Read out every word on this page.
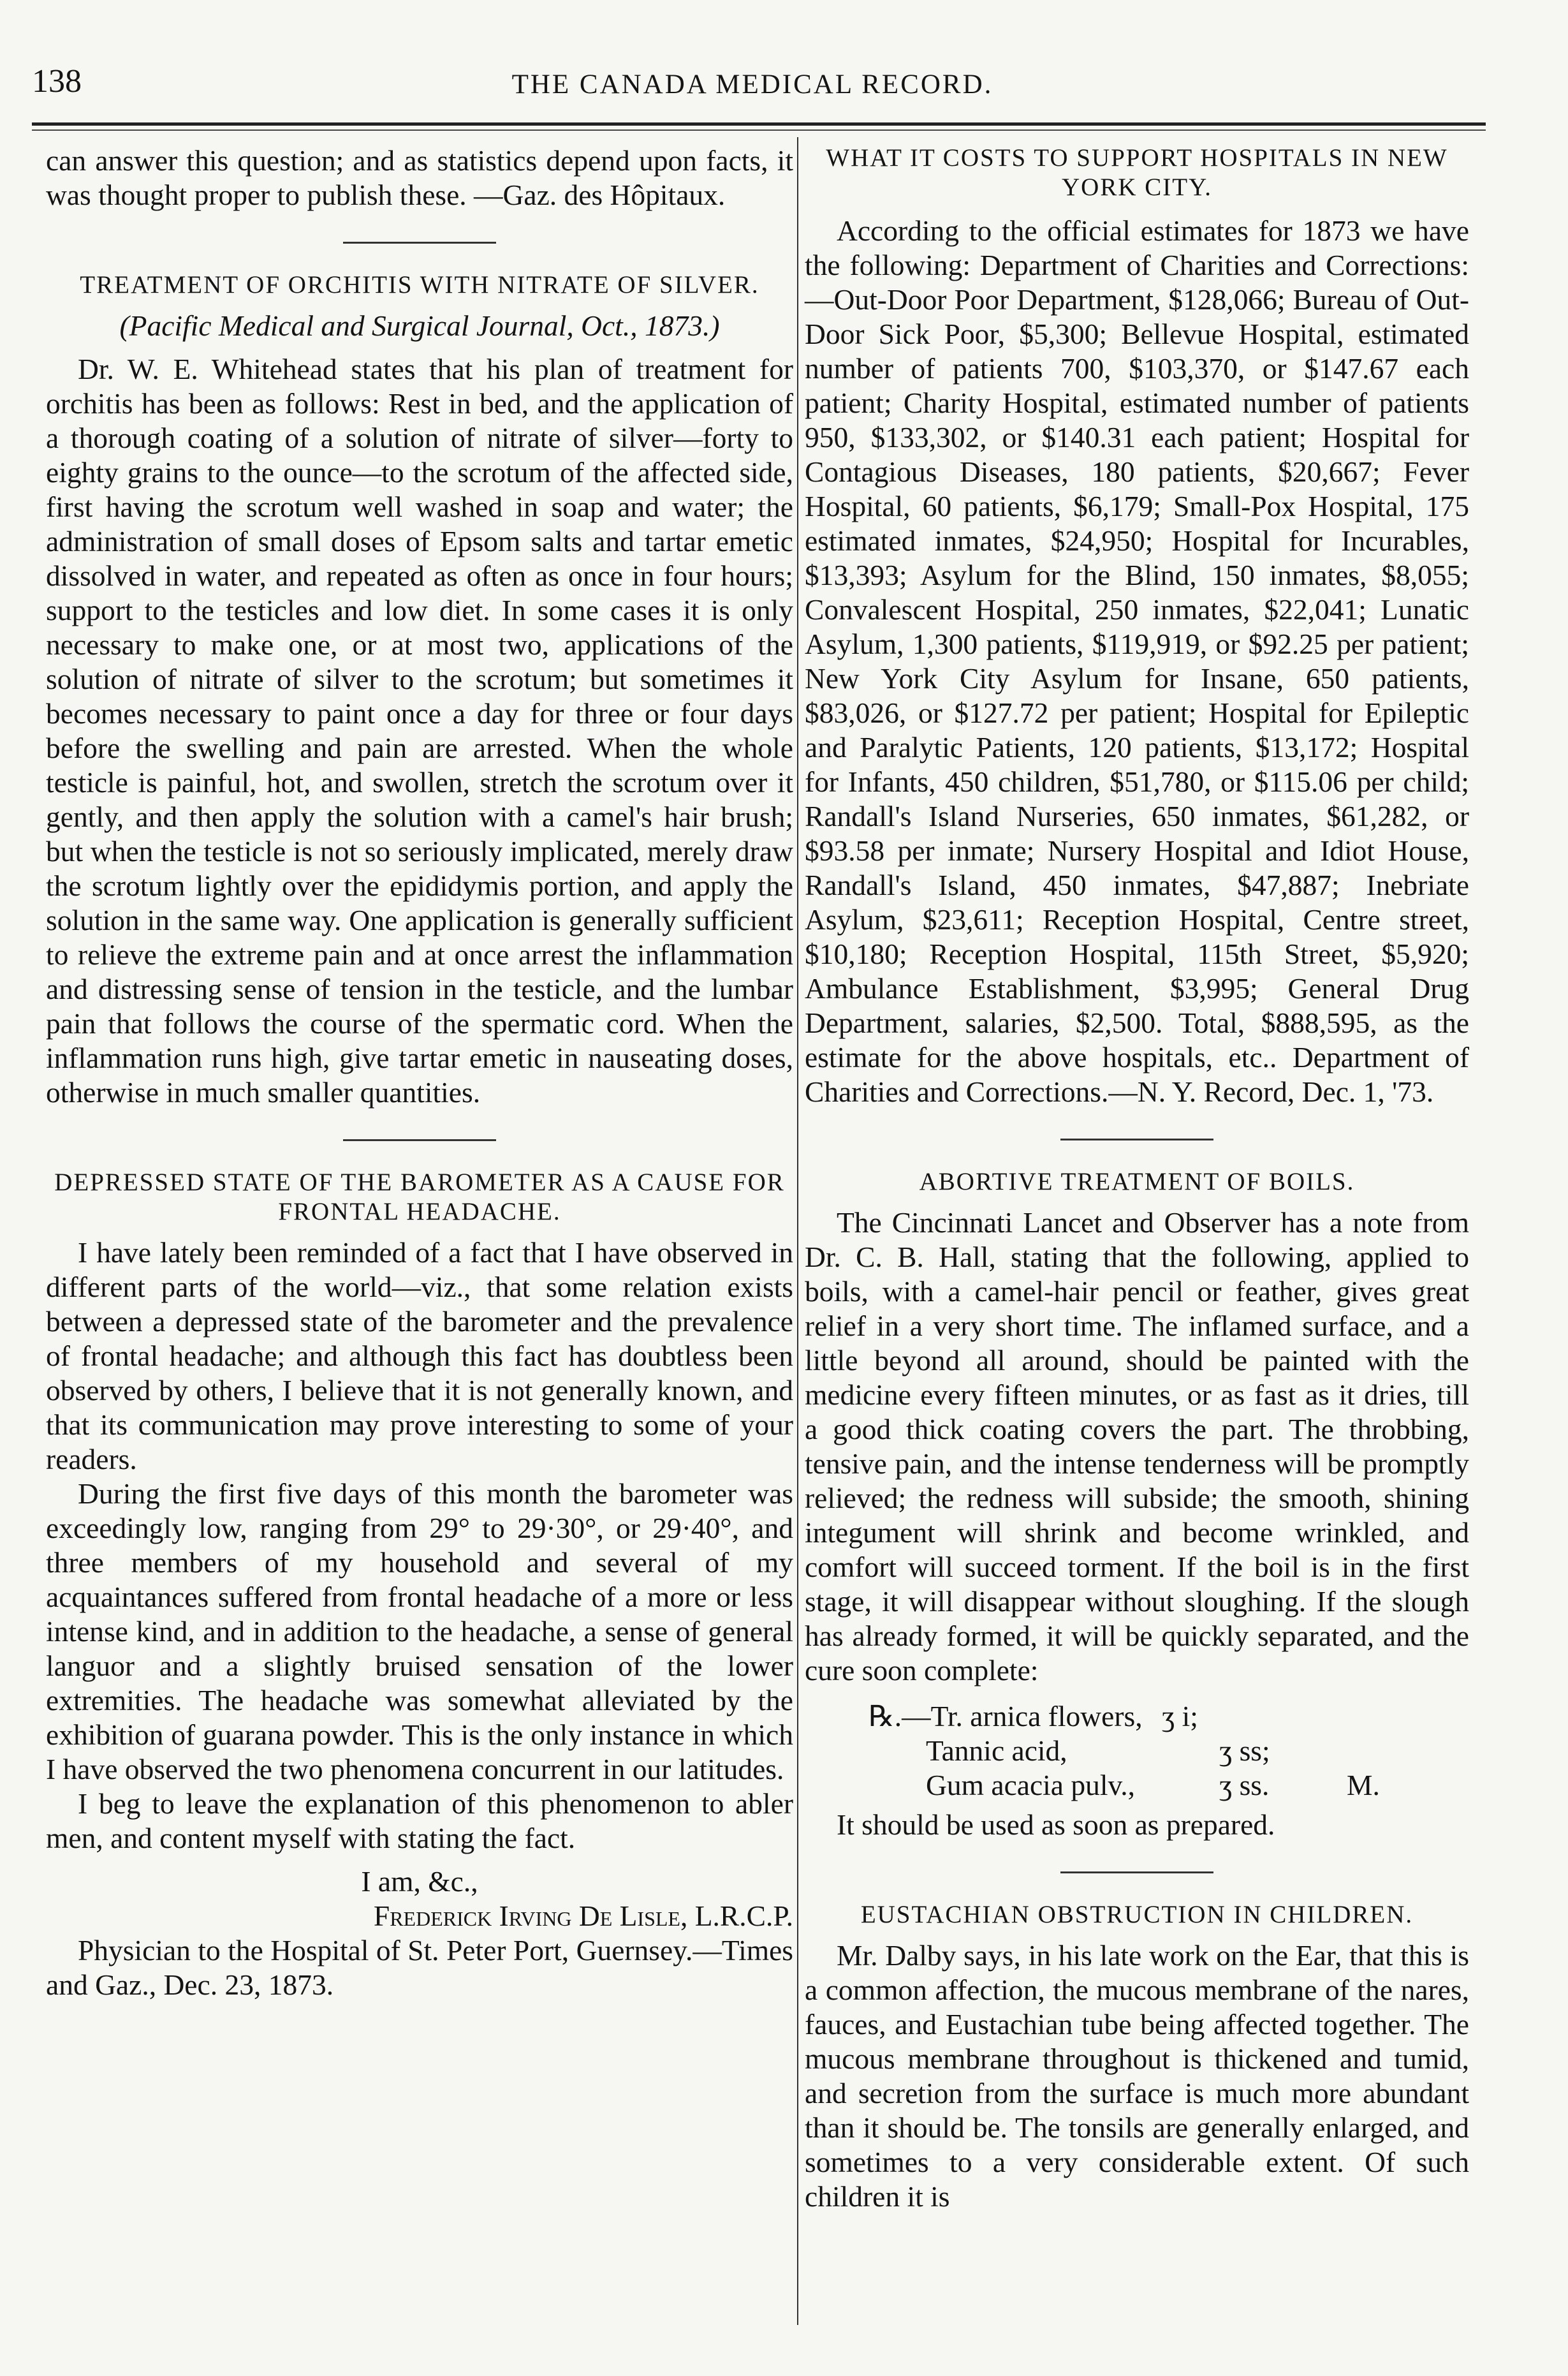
138	THE CANADA MEDICAL RECORD.

can answer this question; and as statistics depend upon facts, it was thought proper to publish these. —Gaz. des Hôpitaux.

TREATMENT OF ORCHITIS WITH NITRATE OF SILVER.

(Pacific Medical and Surgical Journal, Oct., 1873.)

Dr. W. E. Whitehead states that his plan of treatment for orchitis has been as follows: Rest in bed, and the application of a thorough coating of a solution of nitrate of silver—forty to eighty grains to the ounce—to the scrotum of the affected side, first having the scrotum well washed in soap and water; the administration of small doses of Epsom salts and tartar emetic dissolved in water, and repeated as often as once in four hours; support to the testicles and low diet. In some cases it is only necessary to make one, or at most two, applications of the solution of nitrate of silver to the scrotum; but sometimes it becomes necessary to paint once a day for three or four days before the swelling and pain are arrested. When the whole testicle is painful, hot, and swollen, stretch the scrotum over it gently, and then apply the solution with a camel's hair brush; but when the testicle is not so seriously implicated, merely draw the scrotum lightly over the epididymis portion, and apply the solution in the same way. One application is generally sufficient to relieve the extreme pain and at once arrest the inflammation and distressing sense of tension in the testicle, and the lumbar pain that follows the course of the spermatic cord. When the inflammation runs high, give tartar emetic in nauseating doses, otherwise in much smaller quantities.

DEPRESSED STATE OF THE BAROMETER AS A CAUSE FOR FRONTAL HEADACHE.

I have lately been reminded of a fact that I have observed in different parts of the world—viz., that some relation exists between a depressed state of the barometer and the prevalence of frontal headache; and although this fact has doubtless been observed by others, I believe that it is not generally known, and that its communication may prove interesting to some of your readers.

During the first five days of this month the barometer was exceedingly low, ranging from 29° to 29·30°, or 29·40°, and three members of my household and several of my acquaintances suffered from frontal headache of a more or less intense kind, and in addition to the headache, a sense of general languor and a slightly bruised sensation of the lower extremities. The headache was somewhat alleviated by the exhibition of guarana powder. This is the only instance in which I have observed the two phenomena concurrent in our latitudes.

I beg to leave the explanation of this phenomenon to abler men, and content myself with stating the fact.

I am, &c.,

Frederick Irving De Lisle, L.R.C.P.

Physician to the Hospital of St. Peter Port, Guernsey.—Times and Gaz., Dec. 23, 1873.

WHAT IT COSTS TO SUPPORT HOSPITALS IN NEW YORK CITY.

According to the official estimates for 1873 we have the following: Department of Charities and Corrections:—Out-Door Poor Department, $128,066; Bureau of Out-Door Sick Poor, $5,300; Bellevue Hospital, estimated number of patients 700, $103,370, or $147.67 each patient; Charity Hospital, estimated number of patients 950, $133,302, or $140.31 each patient; Hospital for Contagious Diseases, 180 patients, $20,667; Fever Hospital, 60 patients, $6,179; Small-Pox Hospital, 175 estimated inmates, $24,950; Hospital for Incurables, $13,393; Asylum for the Blind, 150 inmates, $8,055; Convalescent Hospital, 250 inmates, $22,041; Lunatic Asylum, 1,300 patients, $119,919, or $92.25 per patient; New York City Asylum for Insane, 650 patients, $83,026, or $127.72 per patient; Hospital for Epileptic and Paralytic Patients, 120 patients, $13,172; Hospital for Infants, 450 children, $51,780, or $115.06 per child; Randall's Island Nurseries, 650 inmates, $61,282, or $93.58 per inmate; Nursery Hospital and Idiot House, Randall's Island, 450 inmates, $47,887; Inebriate Asylum, $23,611; Reception Hospital, Centre street, $10,180; Reception Hospital, 115th Street, $5,920; Ambulance Establishment, $3,995; General Drug Department, salaries, $2,500. Total, $888,595, as the estimate for the above hospitals, etc.. Department of Charities and Corrections.—N. Y. Record, Dec. 1, '73.

ABORTIVE TREATMENT OF BOILS.

The Cincinnati Lancet and Observer has a note from Dr. C. B. Hall, stating that the following, applied to boils, with a camel-hair pencil or feather, gives great relief in a very short time. The inflamed surface, and a little beyond all around, should be painted with the medicine every fifteen minutes, or as fast as it dries, till a good thick coating covers the part. The throbbing, tensive pain, and the intense tenderness will be promptly relieved; the redness will subside; the smooth, shining integument will shrink and become wrinkled, and comfort will succeed torment. If the boil is in the first stage, it will disappear without sloughing. If the slough has already formed, it will be quickly separated, and the cure soon complete:

℞.—Tr. arnica flowers, ʒ i;
Tannic acid,	ʒ ss;
Gum acacia pulv.,	ʒ ss.	M.

It should be used as soon as prepared.

EUSTACHIAN OBSTRUCTION IN CHILDREN.

Mr. Dalby says, in his late work on the Ear, that this is a common affection, the mucous membrane of the nares, fauces, and Eustachian tube being affected together. The mucous membrane throughout is thickened and tumid, and secretion from the surface is much more abundant than it should be. The tonsils are generally enlarged, and sometimes to a very considerable extent. Of such children it is
